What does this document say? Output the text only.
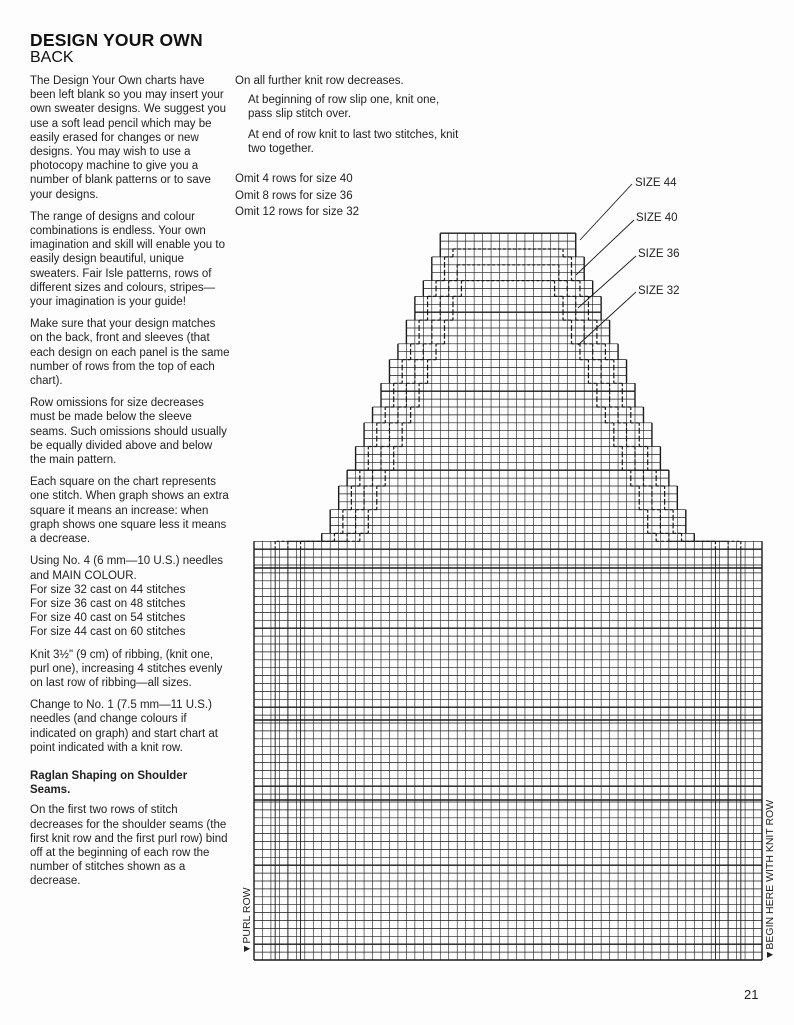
DESIGN YOUR OWN
BACK

The Design Your Own charts have been left blank so you may insert your own sweater designs. We suggest you use a soft lead pencil which may be easily erased for changes or new designs. You may wish to use a photocopy machine to give you a number of blank patterns or to save your designs.

The range of designs and colour combinations is endless. Your own imagination and skill will enable you to easily design beautiful, unique sweaters. Fair Isle patterns, rows of different sizes and colours, stripes—your imagination is your guide!

Make sure that your design matches on the back, front and sleeves (that each design on each panel is the same number of rows from the top of each chart).

Row omissions for size decreases must be made below the sleeve seams. Such omissions should usually be equally divided above and below the main pattern.

Each square on the chart represents one stitch. When graph shows an extra square it means an increase: when graph shows one square less it means a decrease.

Using No. 4 (6 mm—10 U.S.) needles and MAIN COLOUR.
For size 32 cast on 44 stitches
For size 36 cast on 48 stitches
For size 40 cast on 54 stitches
For size 44 cast on 60 stitches

Knit 3½" (9 cm) of ribbing, (knit one, purl one), increasing 4 stitches evenly on last row of ribbing—all sizes.

Change to No. 1 (7.5 mm—11 U.S.) needles (and change colours if indicated on graph) and start chart at point indicated with a knit row.

Raglan Shaping on Shoulder Seams.

On the first two rows of stitch decreases for the shoulder seams (the first knit row and the first purl row) bind off at the beginning of each row the number of stitches shown as a decrease.

On all further knit row decreases.

At beginning of row slip one, knit one, pass slip stitch over.

At end of row knit to last two stitches, knit two together.

Omit 4 rows for size 40
Omit 8 rows for size 36
Omit 12 rows for size 32
SIZE 44
SIZE 40
SIZE 36
SIZE 32
▼PURL ROW	▼BEGIN HERE WITH KNIT ROW
21
